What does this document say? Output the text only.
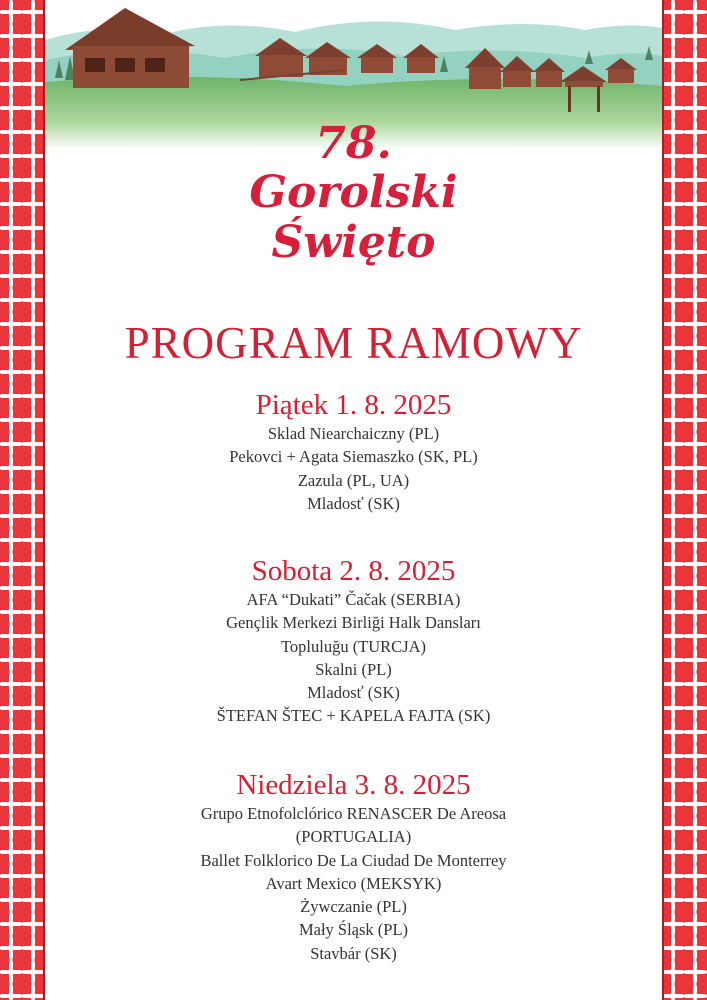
78.
Gorolski
Święto
PROGRAM RAMOWY
Piątek 1. 8. 2025
Sklad Niearchaiczny (PL)
Pekovci + Agata Siemaszko (SK, PL)
Zazula (PL, UA)
Mladosť (SK)
Sobota 2. 8. 2025
AFA “Dukati” Čačak (SERBIA)
Gençlik Merkezi Birliği Halk Dansları
Topluluğu (TURCJA)
Skalni (PL)
Mladosť (SK)
ŠTEFAN ŠTEC + KAPELA FAJTA (SK)
Niedziela 3. 8. 2025
Grupo Etnofolclórico RENASCER De Areosa
(PORTUGALIA)
Ballet Folklorico De La Ciudad De Monterrey
Avart Mexico (MEKSYK)
Żywczanie (PL)
Mały Śląsk (PL)
Stavbár (SK)
